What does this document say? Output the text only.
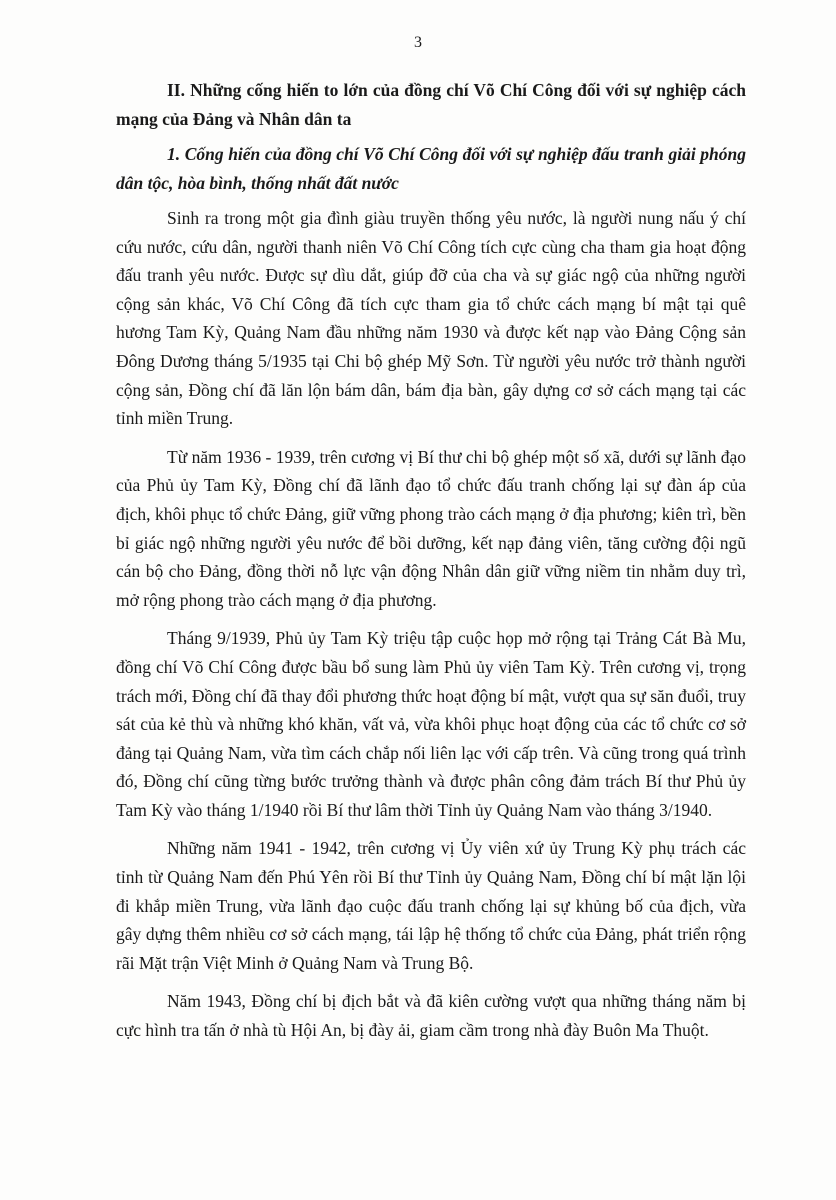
3

II. Những cống hiến to lớn của đồng chí Võ Chí Công đối với sự nghiệp cách mạng của Đảng và Nhân dân ta

1. Cống hiến của đồng chí Võ Chí Công đối với sự nghiệp đấu tranh giải phóng dân tộc, hòa bình, thống nhất đất nước

Sinh ra trong một gia đình giàu truyền thống yêu nước, là người nung nấu ý chí cứu nước, cứu dân, người thanh niên Võ Chí Công tích cực cùng cha tham gia hoạt động đấu tranh yêu nước. Được sự dìu dắt, giúp đỡ của cha và sự giác ngộ của những người cộng sản khác, Võ Chí Công đã tích cực tham gia tổ chức cách mạng bí mật tại quê hương Tam Kỳ, Quảng Nam đầu những năm 1930 và được kết nạp vào Đảng Cộng sản Đông Dương tháng 5/1935 tại Chi bộ ghép Mỹ Sơn. Từ người yêu nước trở thành người cộng sản, Đồng chí đã lăn lộn bám dân, bám địa bàn, gây dựng cơ sở cách mạng tại các tỉnh miền Trung.

Từ năm 1936 - 1939, trên cương vị Bí thư chi bộ ghép một số xã, dưới sự lãnh đạo của Phủ ủy Tam Kỳ, Đồng chí đã lãnh đạo tổ chức đấu tranh chống lại sự đàn áp của địch, khôi phục tổ chức Đảng, giữ vững phong trào cách mạng ở địa phương; kiên trì, bền bỉ giác ngộ những người yêu nước để bồi dưỡng, kết nạp đảng viên, tăng cường đội ngũ cán bộ cho Đảng, đồng thời nỗ lực vận động Nhân dân giữ vững niềm tin nhằm duy trì, mở rộng phong trào cách mạng ở địa phương.

Tháng 9/1939, Phủ ủy Tam Kỳ triệu tập cuộc họp mở rộng tại Trảng Cát Bà Mu, đồng chí Võ Chí Công được bầu bổ sung làm Phủ ủy viên Tam Kỳ. Trên cương vị, trọng trách mới, Đồng chí đã thay đổi phương thức hoạt động bí mật, vượt qua sự săn đuổi, truy sát của kẻ thù và những khó khăn, vất vả, vừa khôi phục hoạt động của các tổ chức cơ sở đảng tại Quảng Nam, vừa tìm cách chắp nối liên lạc với cấp trên. Và cũng trong quá trình đó, Đồng chí cũng từng bước trưởng thành và được phân công đảm trách Bí thư Phủ ủy Tam Kỳ vào tháng 1/1940 rồi Bí thư lâm thời Tỉnh ủy Quảng Nam vào tháng 3/1940.

Những năm 1941 - 1942, trên cương vị Ủy viên xứ ủy Trung Kỳ phụ trách các tỉnh từ Quảng Nam đến Phú Yên rồi Bí thư Tỉnh ủy Quảng Nam, Đồng chí bí mật lặn lội đi khắp miền Trung, vừa lãnh đạo cuộc đấu tranh chống lại sự khủng bố của địch, vừa gây dựng thêm nhiều cơ sở cách mạng, tái lập hệ thống tổ chức của Đảng, phát triển rộng rãi Mặt trận Việt Minh ở Quảng Nam và Trung Bộ.

Năm 1943, Đồng chí bị địch bắt và đã kiên cường vượt qua những tháng năm bị cực hình tra tấn ở nhà tù Hội An, bị đày ải, giam cầm trong nhà đày Buôn Ma Thuột.
